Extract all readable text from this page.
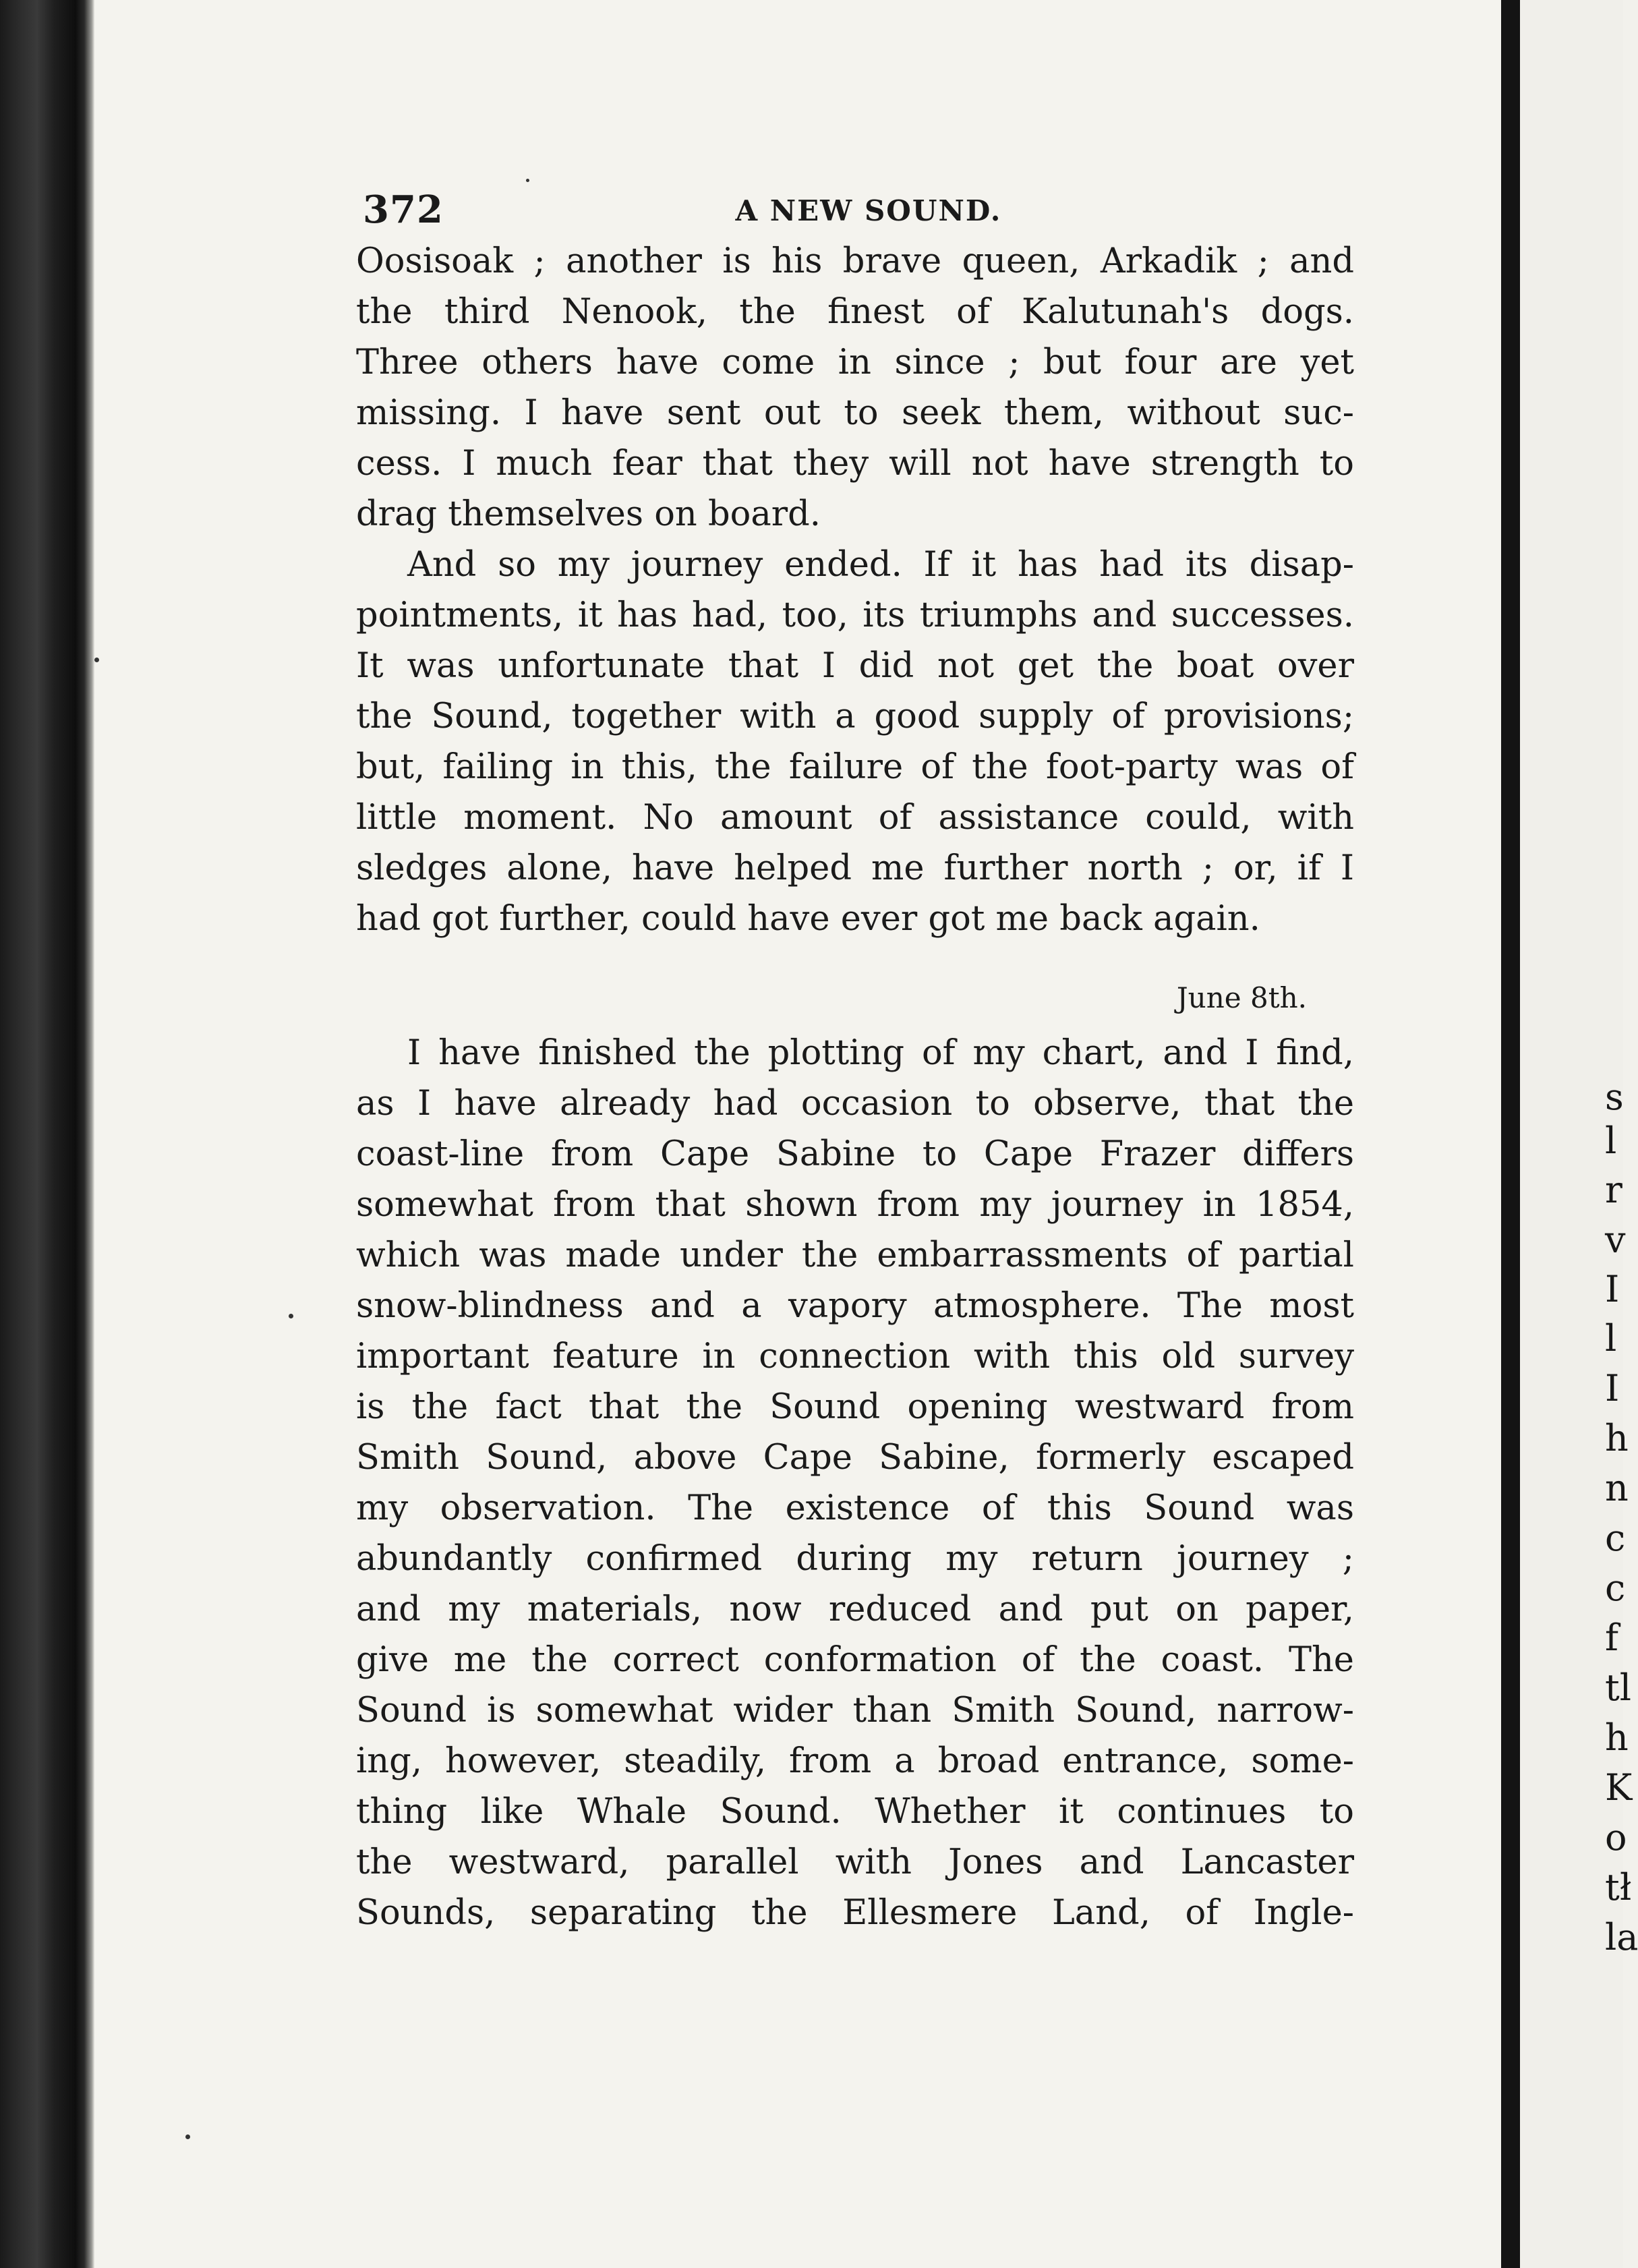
372	A NEW SOUND.
Oosisoak ; another is his brave queen, Arkadik ; and
the third Nenook, the finest of Kalutunah's dogs.
Three others have come in since ; but four are yet
missing. I have sent out to seek them, without suc-
cess. I much fear that they will not have strength to
drag themselves on board.
And so my journey ended. If it has had its disap-
pointments, it has had, too, its triumphs and successes.
It was unfortunate that I did not get the boat over
the Sound, together with a good supply of provisions;
but, failing in this, the failure of the foot-party was of
little moment. No amount of assistance could, with
sledges alone, have helped me further north ; or, if I
had got further, could have ever got me back again.
June 8th.
I have finished the plotting of my chart, and I find,
as I have already had occasion to observe, that the
coast-line from Cape Sabine to Cape Frazer differs
somewhat from that shown from my journey in 1854,
which was made under the embarrassments of partial
snow-blindness and a vapory atmosphere. The most
important feature in connection with this old survey
is the fact that the Sound opening westward from
Smith Sound, above Cape Sabine, formerly escaped
my observation. The existence of this Sound was
abundantly confirmed during my return journey ;
and my materials, now reduced and put on paper,
give me the correct conformation of the coast. The
Sound is somewhat wider than Smith Sound, narrow-
ing, however, steadily, from a broad entrance, some-
thing like Whale Sound. Whether it continues to
the westward, parallel with Jones and Lancaster
Sounds, separating the Ellesmere Land, of Ingle-
s
l
r
v
I
l
I
h
n
c
c
f
tl
h
K
o
tł
la
